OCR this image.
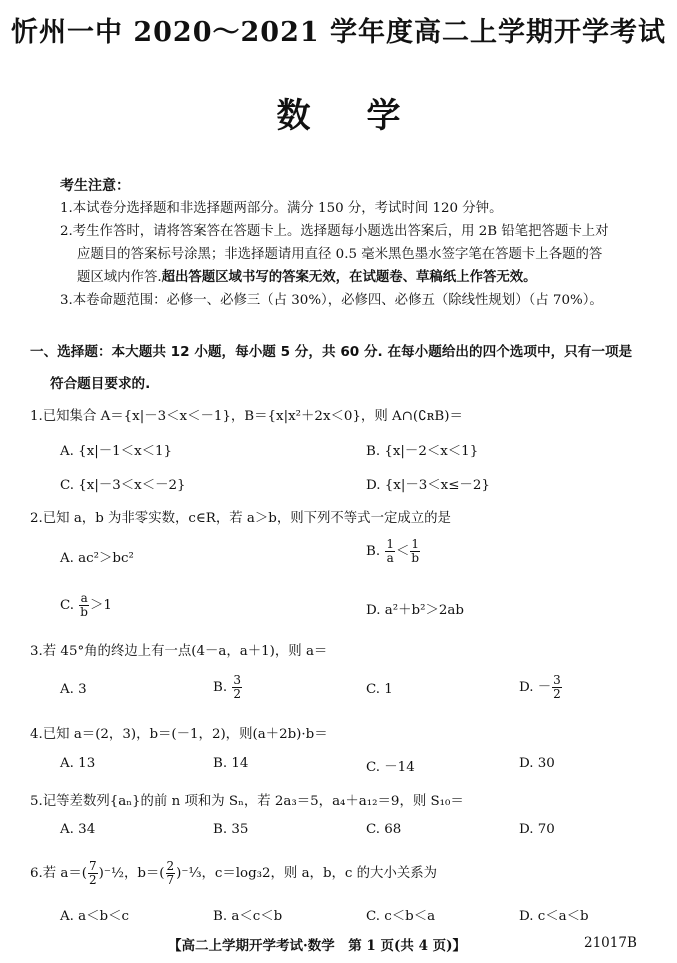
忻州一中 2020～2021 学年度高二上学期开学考试
数学
考生注意：
1.本试卷分选择题和非选择题两部分。满分 150 分，考试时间 120 分钟。
2.考生作答时，请将答案答在答题卡上。选择题每小题选出答案后，用 2B 铅笔把答题卡上对
应题目的答案标号涂黑；非选择题请用直径 0.5 毫米黑色墨水签字笔在答题卡上各题的答
题区域内作答.超出答题区域书写的答案无效，在试题卷、草稿纸上作答无效。
3.本卷命题范围：必修一、必修三（占 30%），必修四、必修五（除线性规划）（占 70%）。
一、选择题：本大题共 12 小题，每小题 5 分，共 60 分. 在每小题给出的四个选项中，只有一项是
符合题目要求的.
1.已知集合 A＝{x|－3＜x＜－1}，B＝{x|x²＋2x＜0}，则 A∩(∁ʀB)＝
A. {x|－1＜x＜1}	B. {x|－2＜x＜1}
C. {x|－3＜x＜－2}	D. {x|－3＜x≤－2}
2.已知 a，b 为非零实数，c∈R，若 a＞b，则下列不等式一定成立的是
A. ac²＞bc²	B. $\frac{1}{a} < \frac{1}{b}$
C. $\frac{a}{b} >1$	D. a²＋b²＞2ab
3.若 45°角的终边上有一点(4－a，a＋1)，则 a＝
A. 3	B. $\frac{3}{2}$	C. 1	D. － $\frac{3}{2}$
4.已知 a＝(2，3)，b＝(－1，2)，则(a＋2b)·b＝
A. 13	B. 14	C. －14	D. 30
5.记等差数列{aₙ}的前 n 项和为 Sₙ，若 2a₃＝5，a₄＋a₁₂＝9，则 S₁₀＝
A. 34	B. 35	C. 68	D. 70
6.若 $a=( \frac{7}{2}$ )⁻½，$b=( \frac{2}{7}$ )⁻⅓，c＝log₃2，则 a，b，c 的大小关系为
A. a＜b＜c	B. a＜c＜b	C. c＜b＜a	D. c＜a＜b
【高二上学期开学考试·数学　第 1 页(共 4 页)】	21017B
